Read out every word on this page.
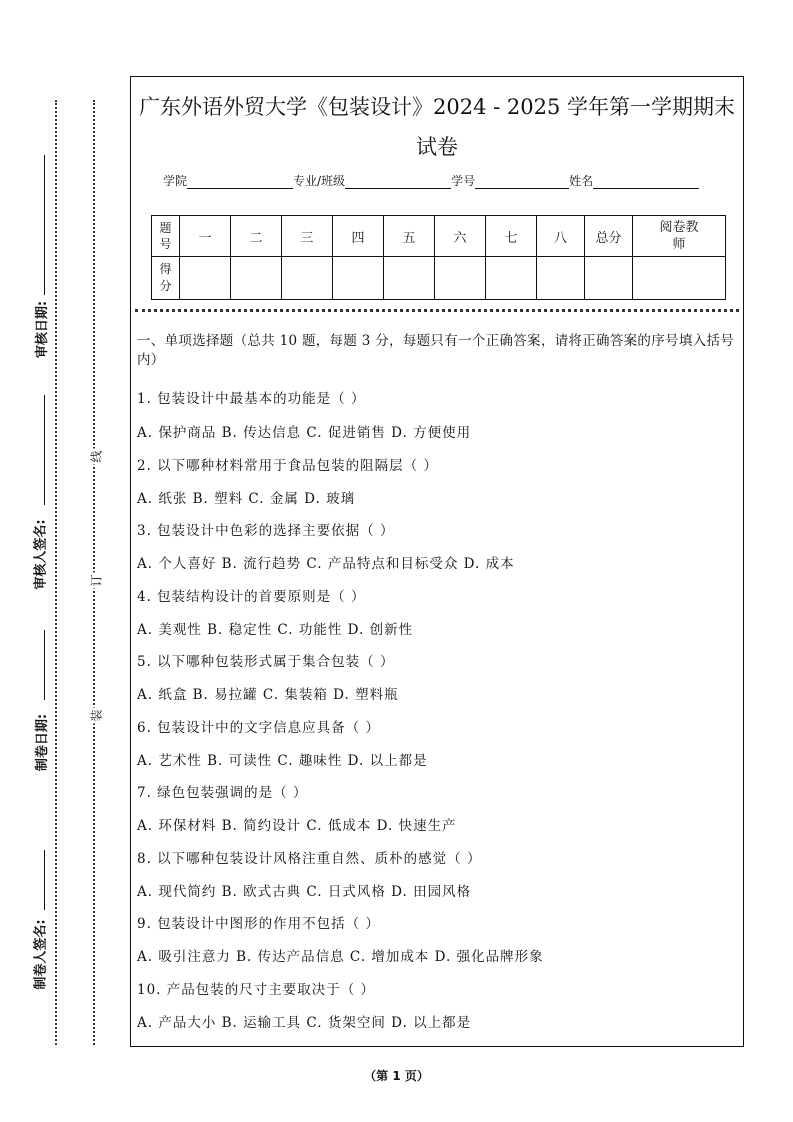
审核日期:
审核人签名:
制卷日期:
制卷人签名:
线
订
装
广东外语外贸大学《包装设计》2024 - 2025 学年第一学期期末试卷
学院	专业/班级	学号	姓名
题号	一	二	三	四	五	六	七	八	总分	阅卷教师
得分										
一、单项选择题（总共 10 题，每题 3 分，每题只有一个正确答案，请将正确答案的序号填入括号内）
1. 包装设计中最基本的功能是（ ）
A. 保护商品 B. 传达信息 C. 促进销售 D. 方便使用
2. 以下哪种材料常用于食品包装的阻隔层（ ）
A. 纸张 B. 塑料 C. 金属 D. 玻璃
3. 包装设计中色彩的选择主要依据（ ）
A. 个人喜好 B. 流行趋势 C. 产品特点和目标受众 D. 成本
4. 包装结构设计的首要原则是（ ）
A. 美观性 B. 稳定性 C. 功能性 D. 创新性
5. 以下哪种包装形式属于集合包装（ ）
A. 纸盒 B. 易拉罐 C. 集装箱 D. 塑料瓶
6. 包装设计中的文字信息应具备（ ）
A. 艺术性 B. 可读性 C. 趣味性 D. 以上都是
7. 绿色包装强调的是（ ）
A. 环保材料 B. 简约设计 C. 低成本 D. 快速生产
8. 以下哪种包装设计风格注重自然、质朴的感觉（ ）
A. 现代简约 B. 欧式古典 C. 日式风格 D. 田园风格
9. 包装设计中图形的作用不包括（ ）
A. 吸引注意力 B. 传达产品信息 C. 增加成本 D. 强化品牌形象
10. 产品包装的尺寸主要取决于（ ）
A. 产品大小 B. 运输工具 C. 货架空间 D. 以上都是
（第 1 页）
